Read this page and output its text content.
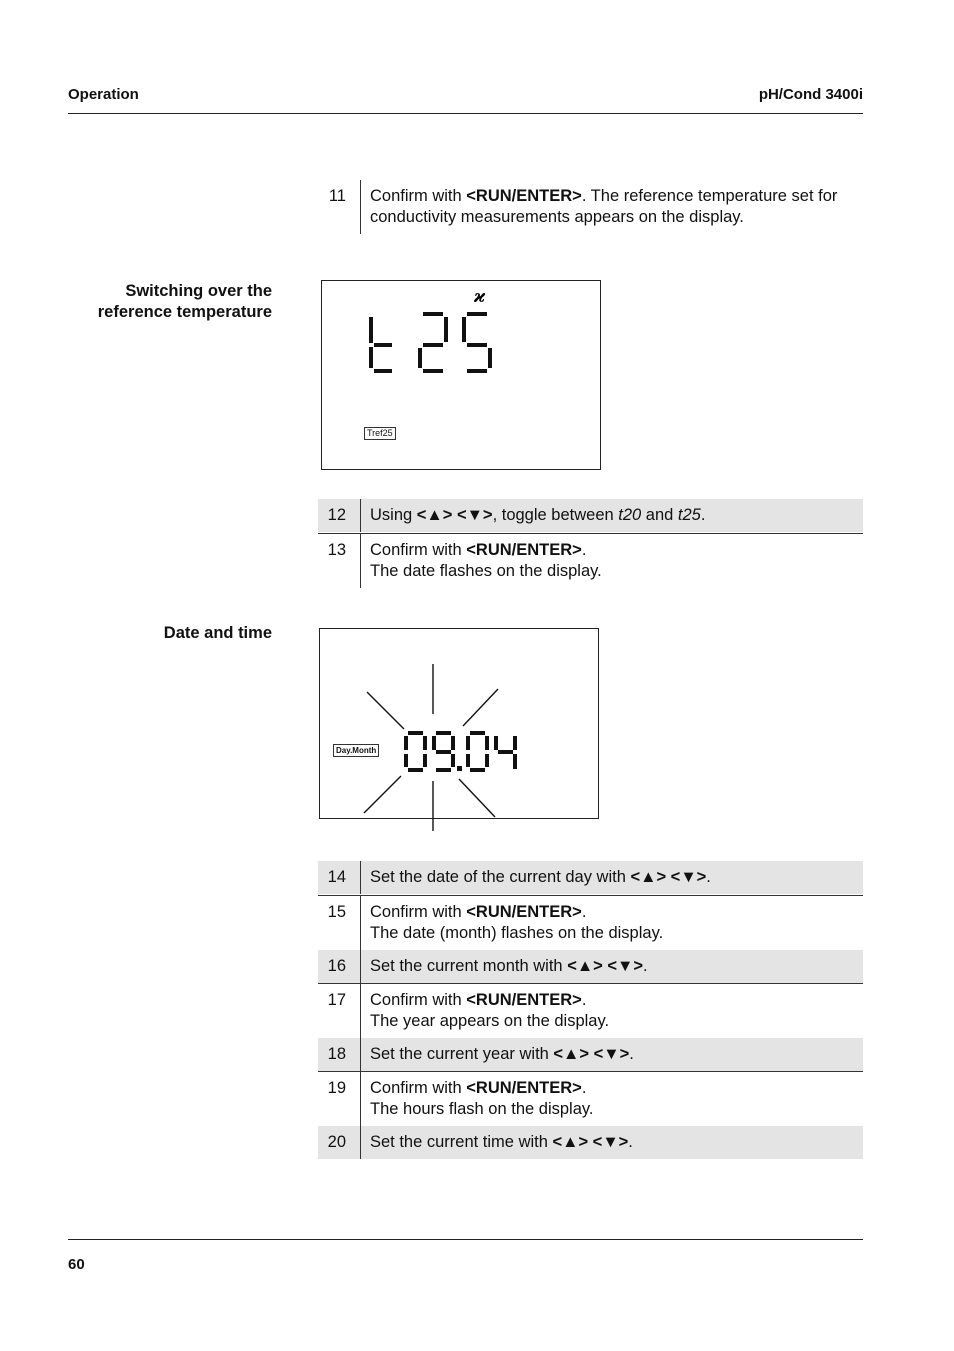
Operation	pH/Cond 3400i
11	Confirm with <RUN/ENTER>. The reference temperature set for conductivity measurements appears on the display.
Switching over the
reference temperature
ϰ
Tref25
12	Using <▲> <▼>, toggle between t20 and t25.
13	Confirm with <RUN/ENTER>.
The date flashes on the display.
Date and time
Day.Month
14	Set the date of the current day with <▲> <▼>.
15	Confirm with <RUN/ENTER>.
The date (month) flashes on the display.
16	Set the current month with <▲> <▼>.
17	Confirm with <RUN/ENTER>.
The year appears on the display.
18	Set the current year with <▲> <▼>.
19	Confirm with <RUN/ENTER>.
The hours flash on the display.
20	Set the current time with <▲> <▼>.
60
